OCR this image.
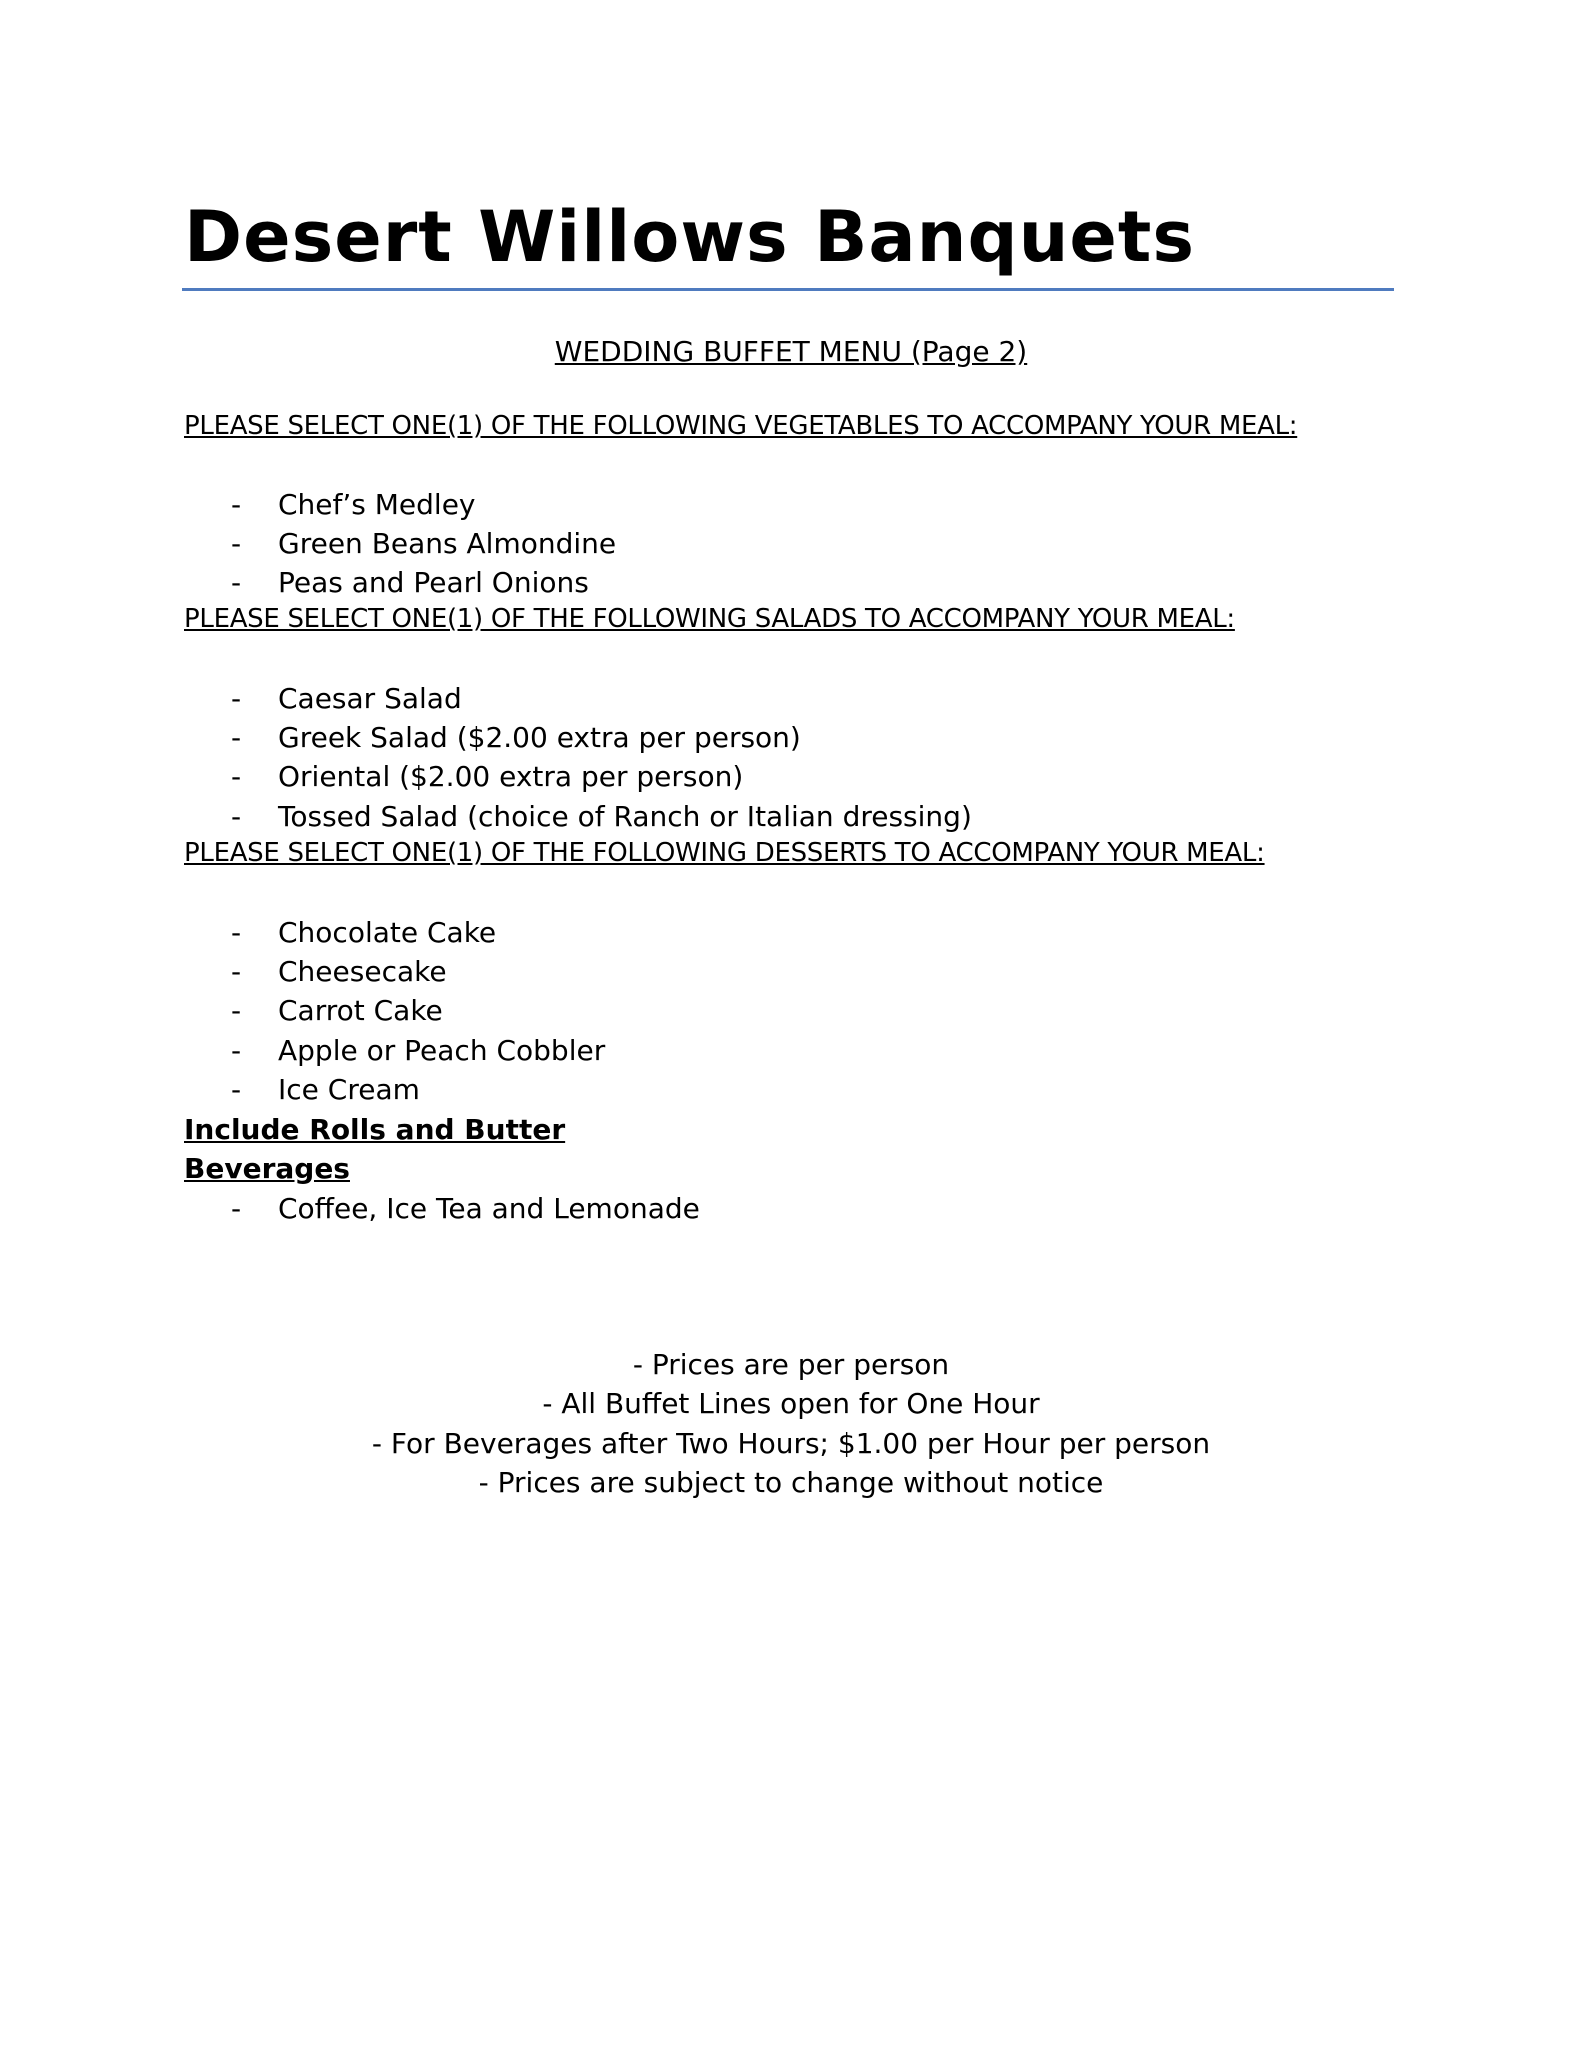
Desert Willows Banquets
WEDDING BUFFET MENU (Page 2)
PLEASE SELECT ONE(1) OF THE FOLLOWING VEGETABLES TO ACCOMPANY YOUR MEAL:
- Chef’s Medley
- Green Beans Almondine
- Peas and Pearl Onions
PLEASE SELECT ONE(1) OF THE FOLLOWING SALADS TO ACCOMPANY YOUR MEAL:
- Caesar Salad
- Greek Salad ($2.00 extra per person)
- Oriental ($2.00 extra per person)
- Tossed Salad (choice of Ranch or Italian dressing)
PLEASE SELECT ONE(1) OF THE FOLLOWING DESSERTS TO ACCOMPANY YOUR MEAL:
- Chocolate Cake
- Cheesecake
- Carrot Cake
- Apple or Peach Cobbler
- Ice Cream
Include Rolls and Butter
Beverages
- Coffee, Ice Tea and Lemonade
- Prices are per person
- All Buffet Lines open for One Hour
- For Beverages after Two Hours; $1.00 per Hour per person
- Prices are subject to change without notice
